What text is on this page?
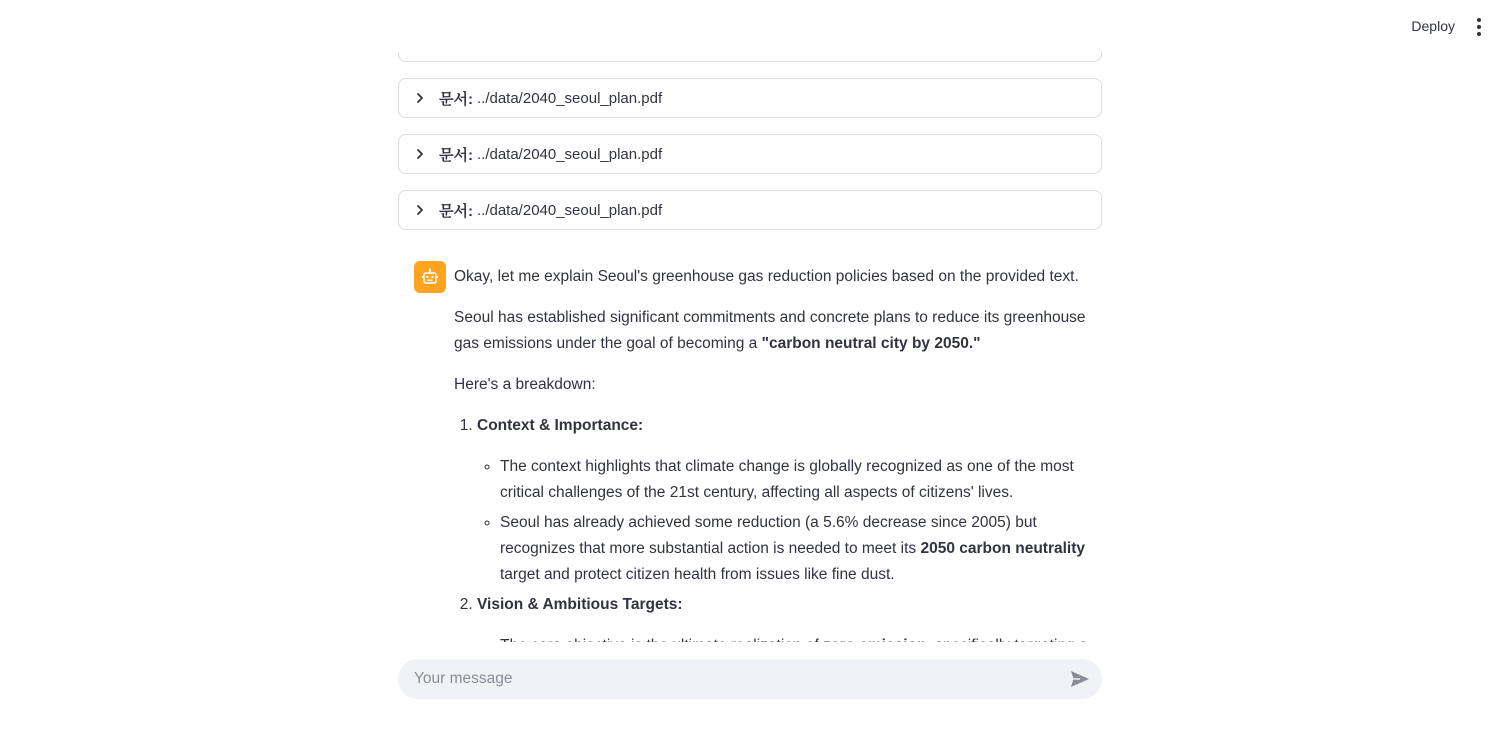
문서: ../data/2040_seoul_plan.pdf
문서: ../data/2040_seoul_plan.pdf
문서: ../data/2040_seoul_plan.pdf

Okay, let me explain Seoul's greenhouse gas reduction policies based on the provided text.

Seoul has established significant commitments and concrete plans to reduce its greenhouse gas emissions under the goal of becoming a "carbon neutral city by 2050."

Here's a breakdown:

1. Context & Importance:
◦ The context highlights that climate change is globally recognized as one of the most critical challenges of the 21st century, affecting all aspects of citizens' lives.
◦ Seoul has already achieved some reduction (a 5.6% decrease since 2005) but recognizes that more substantial action is needed to meet its 2050 carbon neutrality target and protect citizen health from issues like fine dust.
2. Vision & Ambitious Targets:
◦
Deploy
Your message
